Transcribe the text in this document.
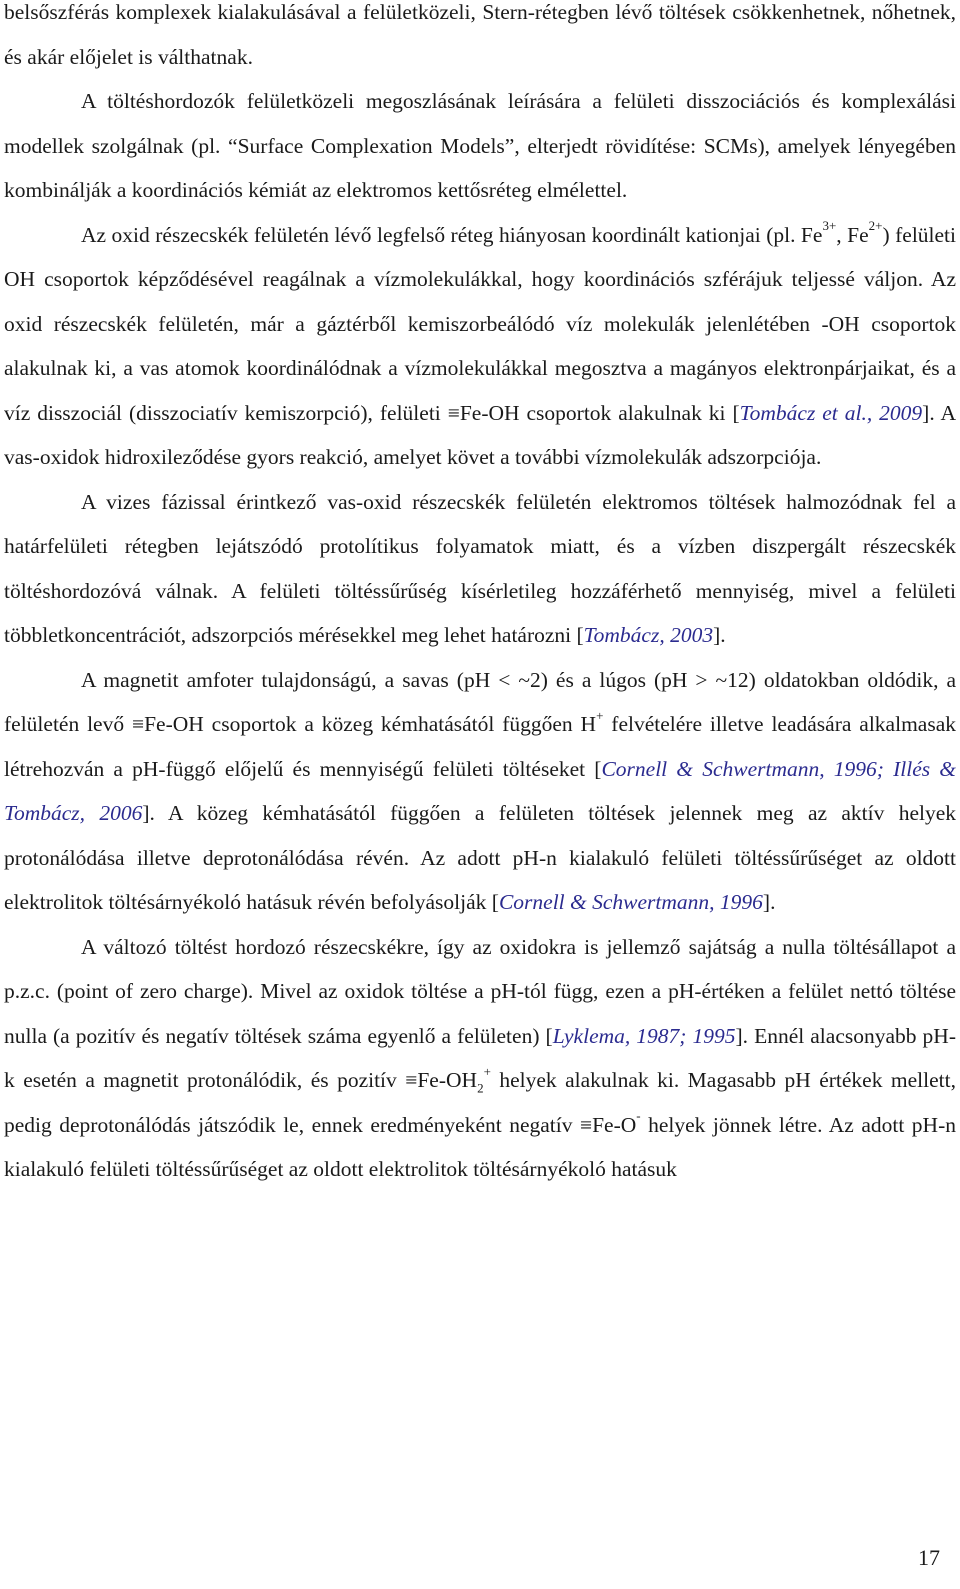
belsőszférás komplexek kialakulásával a felületközeli, Stern-rétegben lévő töltések csökkenhetnek, nőhetnek, és akár előjelet is válthatnak.

A töltéshordozók felületközeli megoszlásának leírására a felületi disszociációs és komplexálási modellek szolgálnak (pl. “Surface Complexation Models”, elterjedt rövidítése: SCMs), amelyek lényegében kombinálják a koordinációs kémiát az elektromos kettősréteg elmélettel.

Az oxid részecskék felületén lévő legfelső réteg hiányosan koordinált kationjai (pl. $Fe^{3+}$, $Fe^{2+}$) felületi OH csoportok képződésével reagálnak a vízmolekulákkal, hogy koordinációs szférájuk teljessé váljon. Az oxid részecskék felületén, már a gáztérből kemiszorbeálódó víz molekulák jelenlétében -OH csoportok alakulnak ki, a vas atomok koordinálódnak a vízmolekulákkal megosztva a magányos elektronpárjaikat, és a víz disszociál (disszociatív kemiszorpció), felületi ≡Fe-OH csoportok alakulnak ki [Tombácz et al., 2009]. A vas-oxidok hidroxileződése gyors reakció, amelyet követ a további vízmolekulák adszorpciója.

A vizes fázissal érintkező vas-oxid részecskék felületén elektromos töltések halmozódnak fel a határfelületi rétegben lejátszódó protolítikus folyamatok miatt, és a vízben diszpergált részecskék töltéshordozóvá válnak. A felületi töltéssűrűség kísérletileg hozzáférhető mennyiség, mivel a felületi többletkoncentrációt, adszorpciós mérésekkel meg lehet határozni [Tombácz, 2003].

A magnetit amfoter tulajdonságú, a savas (pH < ~2) és a lúgos (pH > ~12) oldatokban oldódik, a felületén levő ≡Fe-OH csoportok a közeg kémhatásától függően H+ felvételére illetve leadására alkalmasak létrehozván a pH-függő előjelű és mennyiségű felületi töltéseket [Cornell & Schwertmann, 1996; Illés & Tombácz, 2006]. A közeg kémhatásától függően a felületen töltések jelennek meg az aktív helyek protonálódása illetve deprotonálódása révén. Az adott pH-n kialakuló felületi töltéssűrűséget az oldott elektrolitok töltésárnyékoló hatásuk révén befolyásolják [Cornell & Schwertmann, 1996].

A változó töltést hordozó részecskékre, így az oxidokra is jellemző sajátság a nulla töltésállapot a p.z.c. (point of zero charge). Mivel az oxidok töltése a pH-tól függ, ezen a pH-értéken a felület nettó töltése nulla (a pozitív és negatív töltések száma egyenlő a felületen) [Lyklema, 1987; 1995]. Ennél alacsonyabb pH-k esetén a magnetit protonálódik, és pozitív $\equiv Fe-OH_2^+$ helyek alakulnak ki. Magasabb pH értékek mellett, pedig deprotonálódás játszódik le, ennek eredményeként negatív ≡Fe-O- helyek jönnek létre. Az adott pH-n kialakuló felületi töltéssűrűséget az oldott elektrolitok töltésárnyékoló hatásuk

17
